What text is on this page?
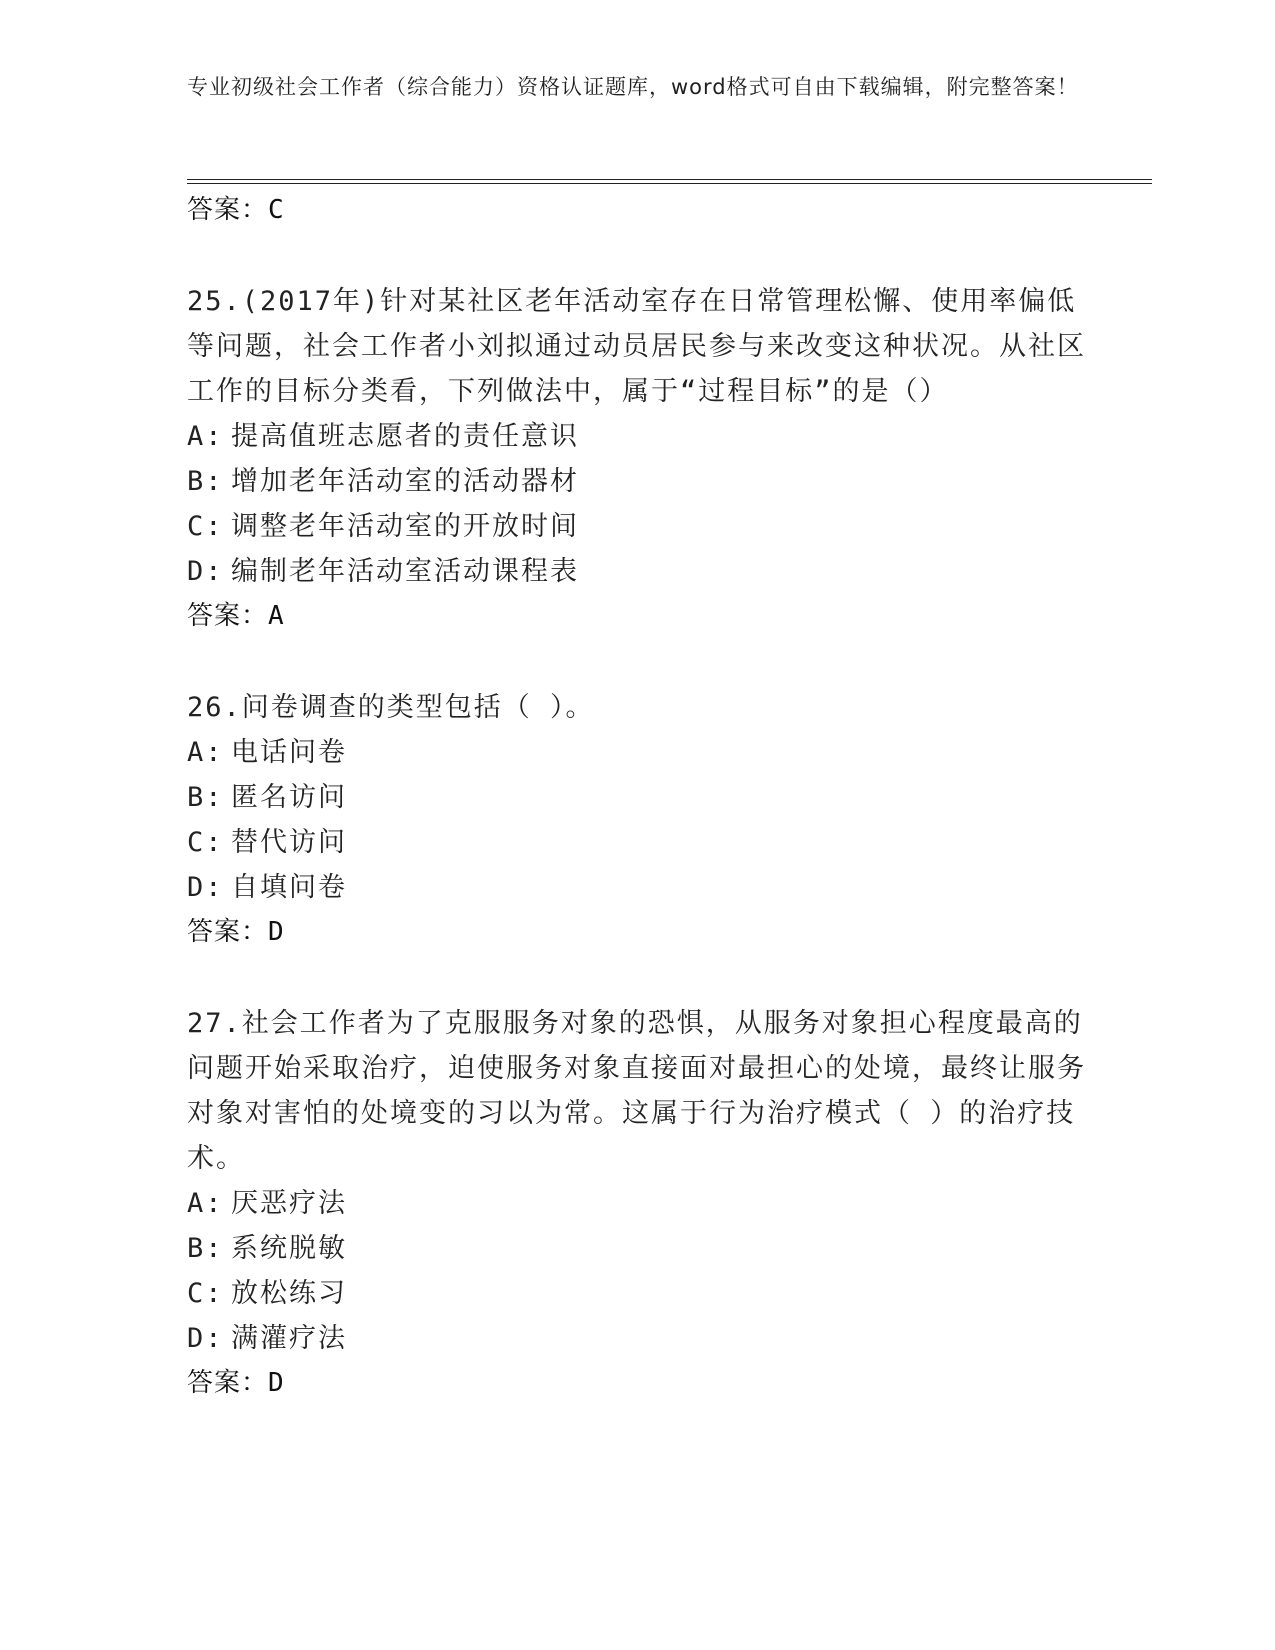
专业初级社会工作者（综合能力）资格认证题库，word格式可自由下载编辑，附完整答案！
答案：C
25.(2017年)针对某社区老年活动室存在日常管理松懈、使用率偏低等问题，社会工作者小刘拟通过动员居民参与来改变这种状况。从社区工作的目标分类看，下列做法中，属于“过程目标”的是（）
A: 提高值班志愿者的责任意识
B: 增加老年活动室的活动器材
C: 调整老年活动室的开放时间
D: 编制老年活动室活动课程表
答案：A
26.问卷调查的类型包括（ ）。
A: 电话问卷
B: 匿名访问
C: 替代访问
D: 自填问卷
答案：D
27.社会工作者为了克服服务对象的恐惧，从服务对象担心程度最高的问题开始采取治疗，迫使服务对象直接面对最担心的处境，最终让服务对象对害怕的处境变的习以为常。这属于行为治疗模式（ ）的治疗技术。
A: 厌恶疗法
B: 系统脱敏
C: 放松练习
D: 满灌疗法
答案：D
